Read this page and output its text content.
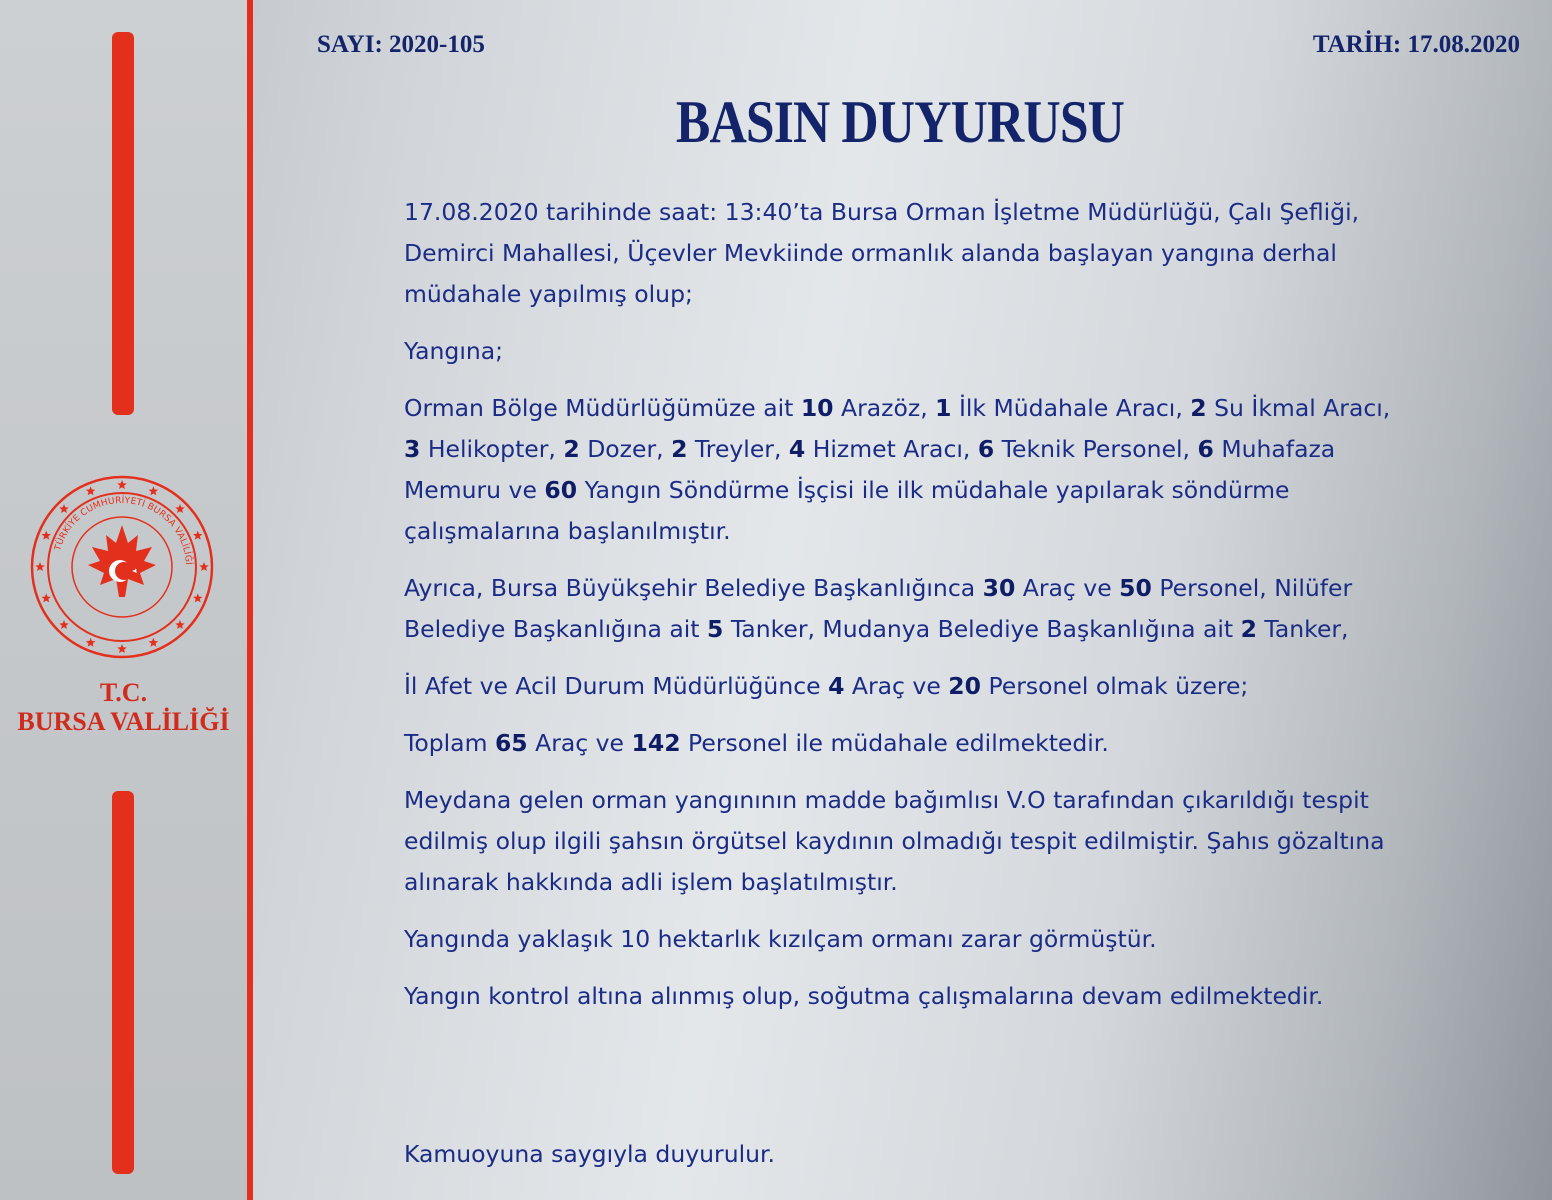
TÜRKİYE CUMHURİYETİ BURSA VALİLİĞİ
T.C.
BURSA VALİLİĞİ
SAYI: 2020-105	TARİH: 17.08.2020
BASIN DUYURUSU

17.08.2020 tarihinde saat: 13:40’ta Bursa Orman İşletme Müdürlüğü, Çalı Şefliği, Demirci Mahallesi, Üçevler Mevkiinde ormanlık alanda başlayan yangına derhal müdahale yapılmış olup;

Yangına;

Orman Bölge Müdürlüğümüze ait 10 Arazöz, 1 İlk Müdahale Aracı, 2 Su İkmal Aracı, 3 Helikopter, 2 Dozer, 2 Treyler, 4 Hizmet Aracı, 6 Teknik Personel, 6 Muhafaza Memuru ve 60 Yangın Söndürme İşçisi ile ilk müdahale yapılarak söndürme çalışmalarına başlanılmıştır.

Ayrıca, Bursa Büyükşehir Belediye Başkanlığınca 30 Araç ve 50 Personel, Nilüfer Belediye Başkanlığına ait 5 Tanker, Mudanya Belediye Başkanlığına ait 2 Tanker,

İl Afet ve Acil Durum Müdürlüğünce 4 Araç ve 20 Personel olmak üzere;

Toplam 65 Araç ve 142 Personel ile müdahale edilmektedir.

Meydana gelen orman yangınının madde bağımlısı V.O tarafından çıkarıldığı tespit edilmiş olup ilgili şahsın örgütsel kaydının olmadığı tespit edilmiştir. Şahıs gözaltına alınarak hakkında adli işlem başlatılmıştır.

Yangında yaklaşık 10 hektarlık kızılçam ormanı zarar görmüştür.

Yangın kontrol altına alınmış olup, soğutma çalışmalarına devam edilmektedir.

Kamuoyuna saygıyla duyurulur.
